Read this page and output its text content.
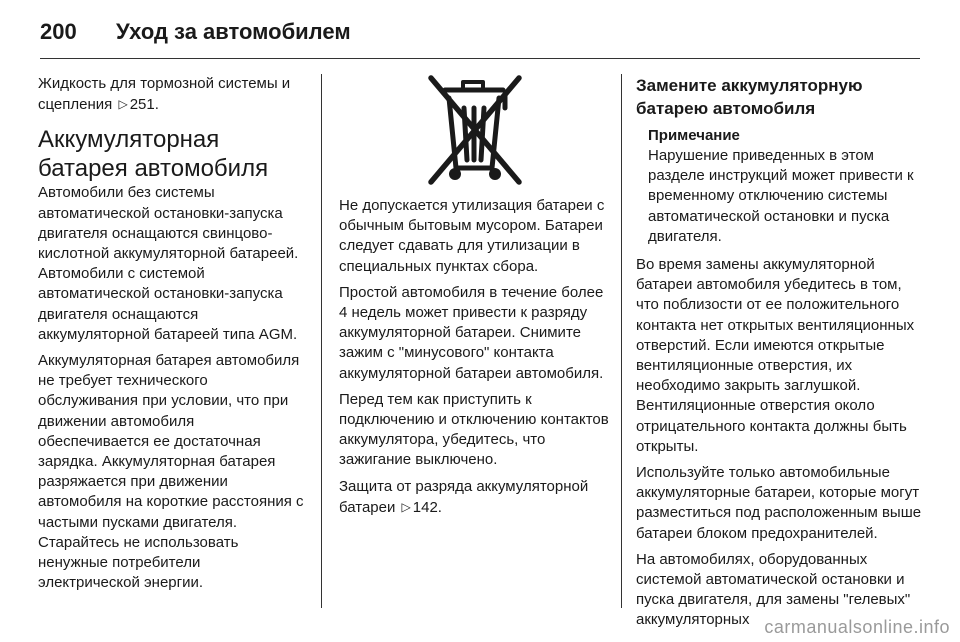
200	Уход за автомобилем

Жидкость для тормозной системы и сцепления ▷ 251.

Аккумуляторная батарея автомобиля

Автомобили без системы автоматической остановки-запуска двигателя оснащаются свинцово-кислотной аккумуляторной батареей. Автомобили с системой автоматической остановки-запуска двигателя оснащаются аккумуляторной батареей типа AGM.

Аккумуляторная батарея автомобиля не требует технического обслуживания при условии, что при движении автомобиля обеспечивается ее достаточная зарядка. Аккумуляторная батарея разряжается при движении автомобиля на короткие расстояния с частыми пусками двигателя. Старайтесь не использовать ненужные потребители электрической энергии.

Не допускается утилизация батареи с обычным бытовым мусором. Батареи следует сдавать для утилизации в специальных пунктах сбора.

Простой автомобиля в течение более 4 недель может привести к разряду аккумуляторной батареи. Снимите зажим с "минусового" контакта аккумуляторной батареи автомобиля.

Перед тем как приступить к подключению и отключению контактов аккумулятора, убедитесь, что зажигание выключено.

Защита от разряда аккумуляторной батареи ▷ 142.

Замените аккумуляторную батарею автомобиля
Примечание

Нарушение приведенных в этом разделе инструкций может привести к временному отключению системы автоматической остановки и пуска двигателя.

Во время замены аккумуляторной батареи автомобиля убедитесь в том, что поблизости от ее положительного контакта нет открытых вентиляционных отверстий. Если имеются открытые вентиляционные отверстия, их необходимо закрыть заглушкой. Вентиляционные отверстия около отрицательного контакта должны быть открыты.

Используйте только автомобильные аккумуляторные батареи, которые могут разместиться под расположенным выше батареи блоком предохранителей.

На автомобилях, оборудованных системой автоматической остановки и пуска двигателя, для замены "гелевых" аккумуляторных carmanualsonline.info
